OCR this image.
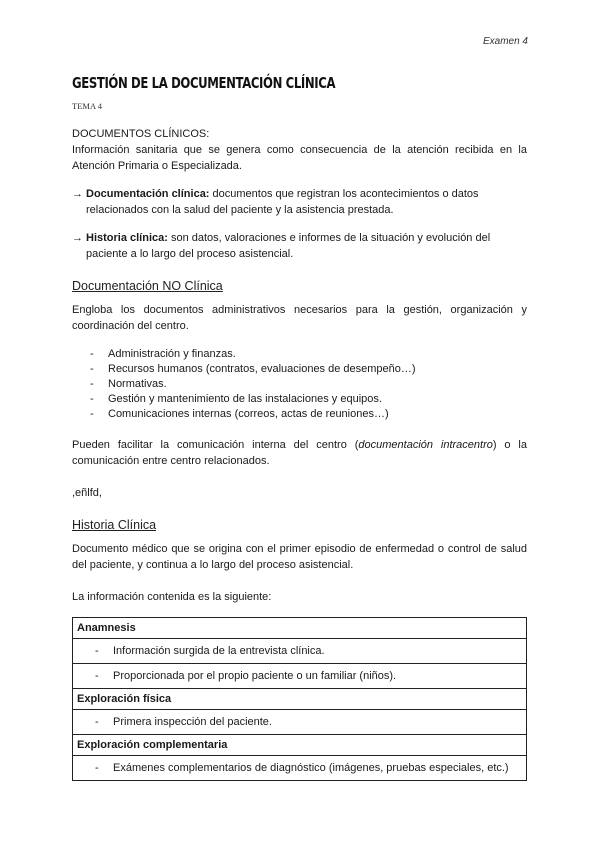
Examen 4
GESTIÓN DE LA DOCUMENTACIÓN CLÍNICA
TEMA 4

DOCUMENTOS CLÍNICOS:

Información sanitaria que se genera como consecuencia de la atención recibida en la Atención Primaria o Especializada.

→ Documentación clínica: documentos que registran los acontecimientos o datos relacionados con la salud del paciente y la asistencia prestada.
→ Historia clínica: son datos, valoraciones e informes de la situación y evolución del paciente a lo largo del proceso asistencial.
Documentación NO Clínica

Engloba los documentos administrativos necesarios para la gestión, organización y coordinación del centro.

-	Administración y finanzas.
-	Recursos humanos (contratos, evaluaciones de desempeño…)
-	Normativas.
-	Gestión y mantenimiento de las instalaciones y equipos.
-	Comunicaciones internas (correos, actas de reuniones…)

Pueden facilitar la comunicación interna del centro (documentación intracentro) o la comunicación entre centro relacionados.

,eñlfd,

Historia Clínica

Documento médico que se origina con el primer episodio de enfermedad o control de salud del paciente, y continua a lo largo del proceso asistencial.

La información contenida es la siguiente:

Anamnesis
- Información surgida de la entrevista clínica.
- Proporcionada por el propio paciente o un familiar (niños).
Exploración física
- Primera inspección del paciente.
Exploración complementaria
- Exámenes complementarios de diagnóstico (imágenes, pruebas especiales, etc.)
